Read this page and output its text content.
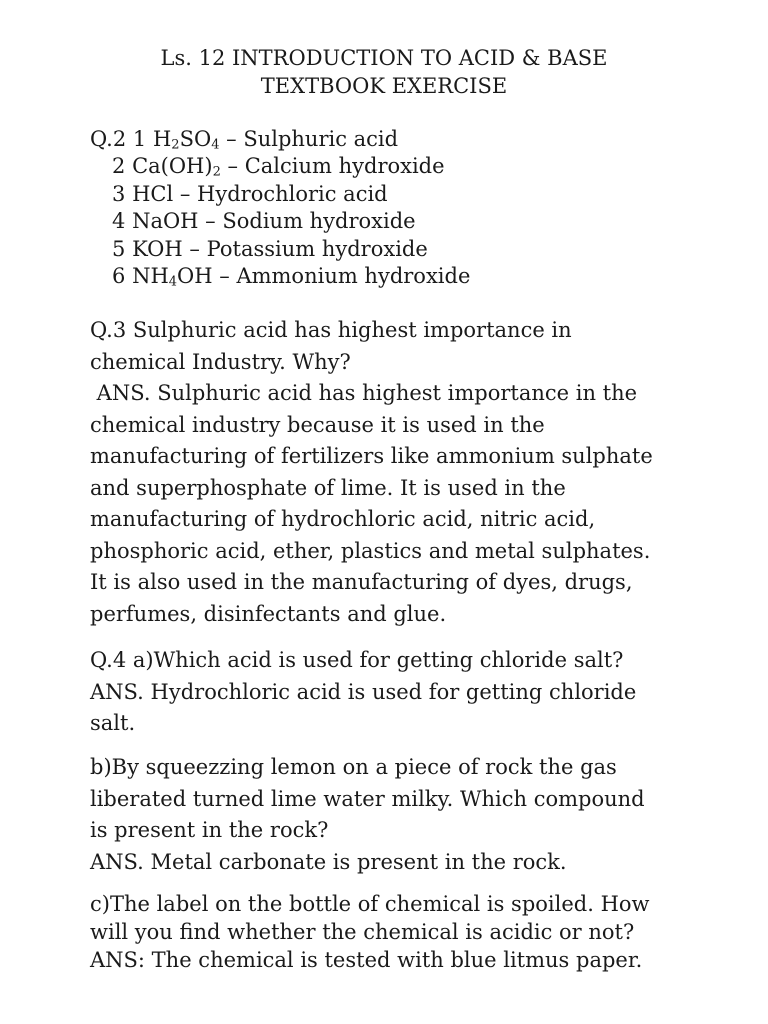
Ls. 12 INTRODUCTION TO ACID & BASE
TEXTBOOK EXERCISE
Q.2 1 $H_2SO_4$ – Sulphuric acid
2 $Ca(OH)_2$ – Calcium hydroxide
3 HCl – Hydrochloric acid
4 NaOH – Sodium hydroxide
5 KOH – Potassium hydroxide
6 $NH_4OH$ – Ammonium hydroxide

Q.3 Sulphuric acid has highest importance in

chemical Industry. Why?

ANS. Sulphuric acid has highest importance in the

chemical industry because it is used in the

manufacturing of fertilizers like ammonium sulphate

and superphosphate of lime. It is used in the

manufacturing of hydrochloric acid, nitric acid,

phosphoric acid, ether, plastics and metal sulphates.

It is also used in the manufacturing of dyes, drugs,

perfumes, disinfectants and glue.

Q.4 a)Which acid is used for getting chloride salt?

ANS. Hydrochloric acid is used for getting chloride

salt.

b)By squeezzing lemon on a piece of rock the gas

liberated turned lime water milky. Which compound

is present in the rock?

ANS. Metal carbonate is present in the rock.

c)The label on the bottle of chemical is spoiled. How

will you find whether the chemical is acidic or not?

ANS: The chemical is tested with blue litmus paper.
